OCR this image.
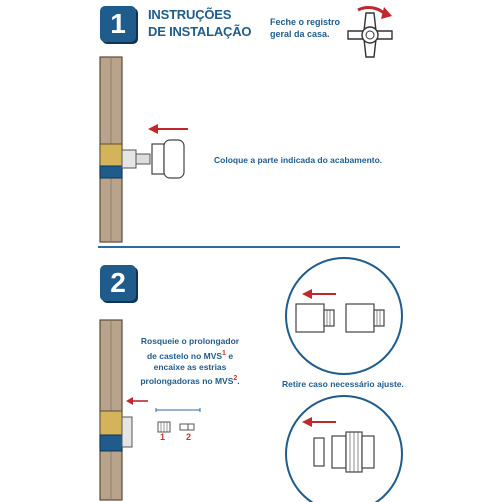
1	INSTRUÇÕES
DE INSTALAÇÃO
Feche o registro
geral da casa.
Coloque a parte indicada do acabamento.
2
Rosqueie o prolongador
de castelo no MVS$^1$ e
encaixe as estrias
prolongadoras no MVS$^2$.
1 2
Retire caso necessário ajuste.
